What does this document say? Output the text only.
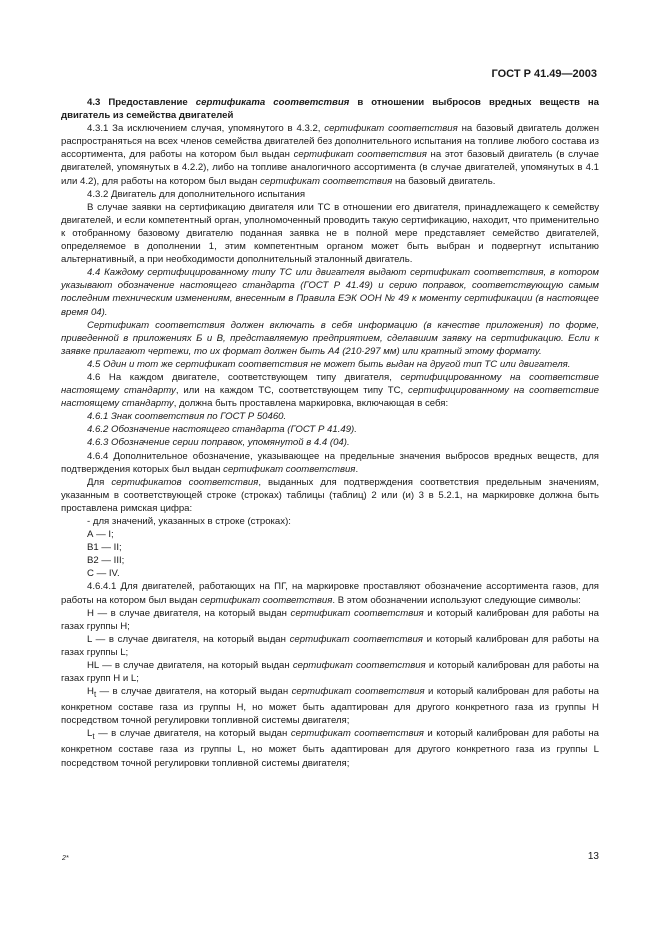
ГОСТ Р 41.49—2003

4.3 Предоставление сертификата соответствия в отношении выбросов вредных веществ на двигатель из семейства двигателей

4.3.1 За исключением случая, упомянутого в 4.3.2, сертификат соответствия на базовый двигатель должен распространяться на всех членов семейства двигателей без дополнительного испытания на топливе любого состава из ассортимента, для работы на котором был выдан сертификат соответствия на этот базовый двигатель (в случае двигателей, упомянутых в 4.2.2), либо на топливе аналогичного ассортимента (в случае двигателей, упомянутых в 4.1 или 4.2), для работы на котором был выдан сертификат соответствия на базовый двигатель.

4.3.2 Двигатель для дополнительного испытания

В случае заявки на сертификацию двигателя или ТС в отношении его двигателя, принадлежащего к семейству двигателей, и если компетентный орган, уполномоченный проводить такую сертификацию, находит, что применительно к отобранному базовому двигателю поданная заявка не в полной мере представляет семейство двигателей, определяемое в дополнении 1, этим компетентным органом может быть выбран и подвергнут испытанию альтернативный, а при необходимости дополнительный эталонный двигатель.

4.4 Каждому сертифицированному типу ТС или двигателя выдают сертификат соответствия, в котором указывают обозначение настоящего стандарта (ГОСТ Р 41.49) и серию поправок, соответствующую самым последним техническим изменениям, внесенным в Правила ЕЭК ООН № 49 к моменту сертификации (в настоящее время 04).

Сертификат соответствия должен включать в себя информацию (в качестве приложения) по форме, приведенной в приложениях Б и В, представляемую предприятием, сделавшим заявку на сертификацию. Если к заявке прилагают чертежи, то их формат должен быть А4 (210·297 мм) или кратный этому формату.

4.5 Один и тот же сертификат соответствия не может быть выдан на другой тип ТС или двигателя.

4.6 На каждом двигателе, соответствующем типу двигателя, сертифицированному на соответствие настоящему стандарту, или на каждом ТС, соответствующем типу ТС, сертифицированному на соответствие настоящему стандарту, должна быть проставлена маркировка, включающая в себя:

4.6.1 Знак соответствия по ГОСТ Р 50460.

4.6.2 Обозначение настоящего стандарта (ГОСТ Р 41.49).

4.6.3 Обозначение серии поправок, упомянутой в 4.4 (04).

4.6.4 Дополнительное обозначение, указывающее на предельные значения выбросов вредных веществ, для подтверждения которых был выдан сертификат соответствия.

Для сертификатов соответствия, выданных для подтверждения соответствия предельным значениям, указанным в соответствующей строке (строках) таблицы (таблиц) 2 или (и) 3 в 5.2.1, на маркировке должна быть проставлена римская цифра:

- для значений, указанных в строке (строках):

А — I;

В1 — II;

В2 — III;

С — IV.

4.6.4.1 Для двигателей, работающих на ПГ, на маркировке проставляют обозначение ассортимента газов, для работы на котором был выдан сертификат соответствия. В этом обозначении используют следующие символы:

H — в случае двигателя, на который выдан сертификат соответствия и который калиброван для работы на газах группы Н;

L — в случае двигателя, на который выдан сертификат соответствия и который калиброван для работы на газах группы L;

HL — в случае двигателя, на который выдан сертификат соответствия и который калиброван для работы на газах групп Н и L;

$H_t$ — в случае двигателя, на который выдан сертификат соответствия и который калиброван для работы на конкретном составе газа из группы Н, но может быть адаптирован для другого конкретного газа из группы Н посредством точной регулировки топливной системы двигателя;

$L_t$ — в случае двигателя, на который выдан сертификат соответствия и который калиброван для работы на конкретном составе газа из группы L, но может быть адаптирован для другого конкретного газа из группы L посредством точной регулировки топливной системы двигателя;

2*	13
